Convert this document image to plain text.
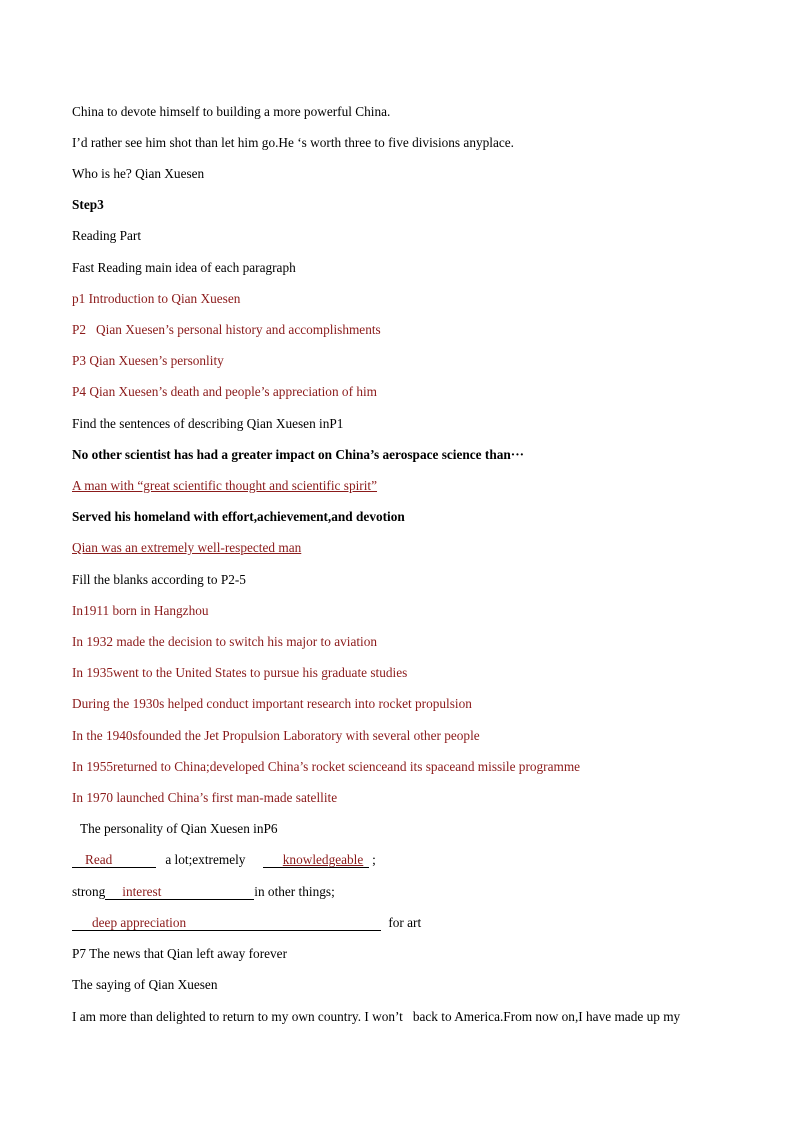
China to devote himself to building a more powerful China.
I’d rather see him shot than let him go.He ‘s worth three to five divisions anyplace.
Who is he? Qian Xuesen
Step3
Reading Part
Fast Reading main idea of each paragraph
p1 Introduction to Qian Xuesen
P2   Qian Xuesen’s personal history and accomplishments
P3 Qian Xuesen’s personlity
P4 Qian Xuesen’s death and people’s appreciation of him
Find the sentences of describing Qian Xuesen inP1
No other scientist has had a greater impact on China’s aerospace science than···
A man with “great scientific thought and scientific spirit”
Served his homeland with effort,achievement,and devotion
Qian was an extremely well-respected man
Fill the blanks according to P2-5
In1911 born in Hangzhou
In 1932 made the decision to switch his major to aviation
In 1935went to the United States to pursue his graduate studies
During the 1930s helped conduct important research into rocket propulsion
In the 1940sfounded the Jet Propulsion Laboratory with several other people
In 1955returned to China;developed China’s rocket scienceand its spaceand missile programme
In 1970 launched China’s first man-made satellite
The personality of Qian Xuesen inP6
Read	a lot;extremely	knowledgeable ;
strong interest	in other things;
deep appreciation	for art
P7 The news that Qian left away forever
The saying of Qian Xuesen
I am more than delighted to return to my own country. I won’t   back to America.From now on,I have made up my
